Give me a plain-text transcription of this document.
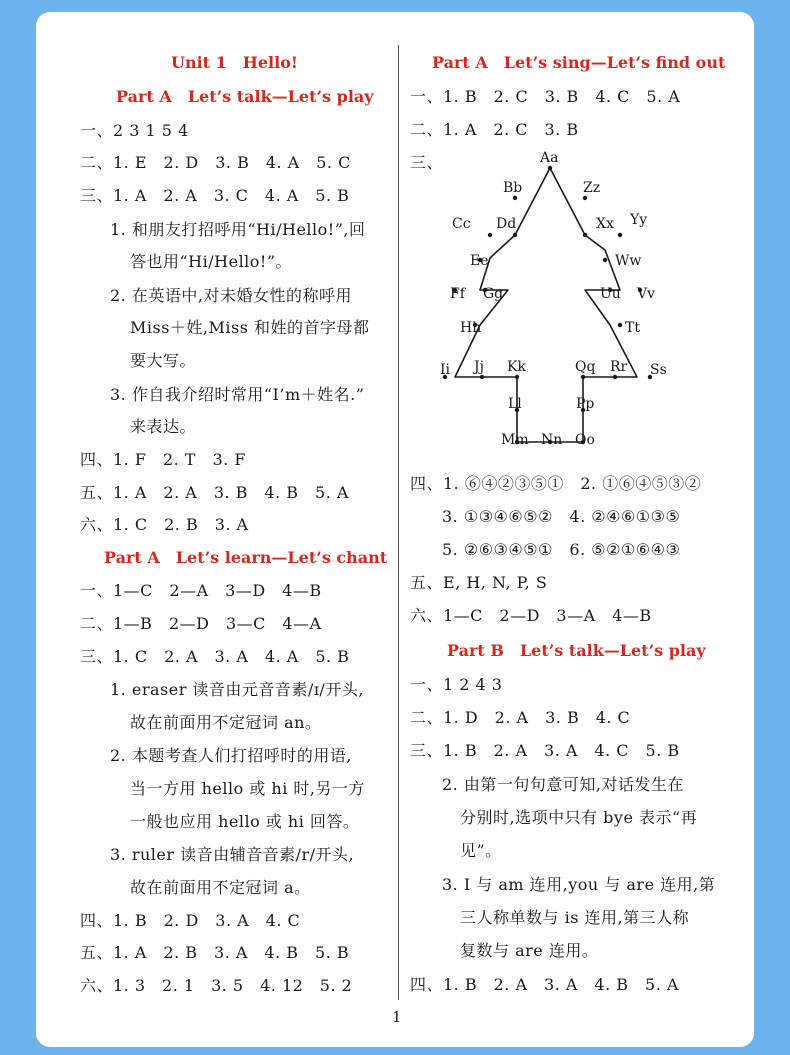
Unit 1　Hello!
Part A　Let’s talk—Let’s play
一、2 3 1 5 4
二、1. E　2. D　3. B　4. A　5. C
三、1. A　2. A　3. C　4. A　5. B
1. 和朋友打招呼用“Hi/Hello!”,回
答也用“Hi/Hello!”。
2. 在英语中,对未婚女性的称呼用
Miss＋姓,Miss 和姓的首字母都
要大写。
3. 作自我介绍时常用“I’m＋姓名.”
来表达。
四、1. F　2. T　3. F
五、1. A　2. A　3. B　4. B　5. A
六、1. C　2. B　3. A
Part A　Let’s learn—Let’s chant
一、1—C　2—A　3—D　4—B
二、1—B　2—D　3—C　4—A
三、1. C　2. A　3. A　4. A　5. B
1. eraser 读音由元音音素/ɪ/开头,
故在前面用不定冠词 an。
2. 本题考查人们打招呼时的用语,
当一方用 hello 或 hi 时,另一方
一般也应用 hello 或 hi 回答。
3. ruler 读音由辅音音素/r/开头,
故在前面用不定冠词 a。
四、1. B　2. D　3. A　4. C
五、1. A　2. B　3. A　4. B　5. B
六、1. 3　2. 1　3. 5　4. 12　5. 2
Part A　Let’s sing—Let’s find out
一、1. B　2. C　3. B　4. C　5. A
二、1. A　2. C　3. B
三、
四、1. ⑥④②③⑤①　2. ①⑥④⑤③②
3. ①③④⑥⑤②　4. ②④⑥①③⑤
5. ②⑥③④⑤①　6. ⑤②①⑥④③
五、E, H, N, P, S
六、1—C　2—D　3—A　4—B
Part B　Let’s talk—Let’s play
一、1 2 4 3
二、1. D　2. A　3. B　4. C
三、1. B　2. A　3. A　4. C　5. B
2. 由第一句句意可知,对话发生在
分别时,选项中只有 bye 表示“再
见”。
3. I 与 am 连用,you 与 are 连用,第
三人称单数与 is 连用,第三人称
复数与 are 连用。
四、1. B　2. A　3. A　4. B　5. A
Aa
Bb
Cc Dd
Ee
Ff Gg
Hh
Ii Jj Kk
Ll
Mm Nn Oo
Pp
Qq Rr Ss
Tt
Uu Vv
Ww
Xx Yy
Zz
1
